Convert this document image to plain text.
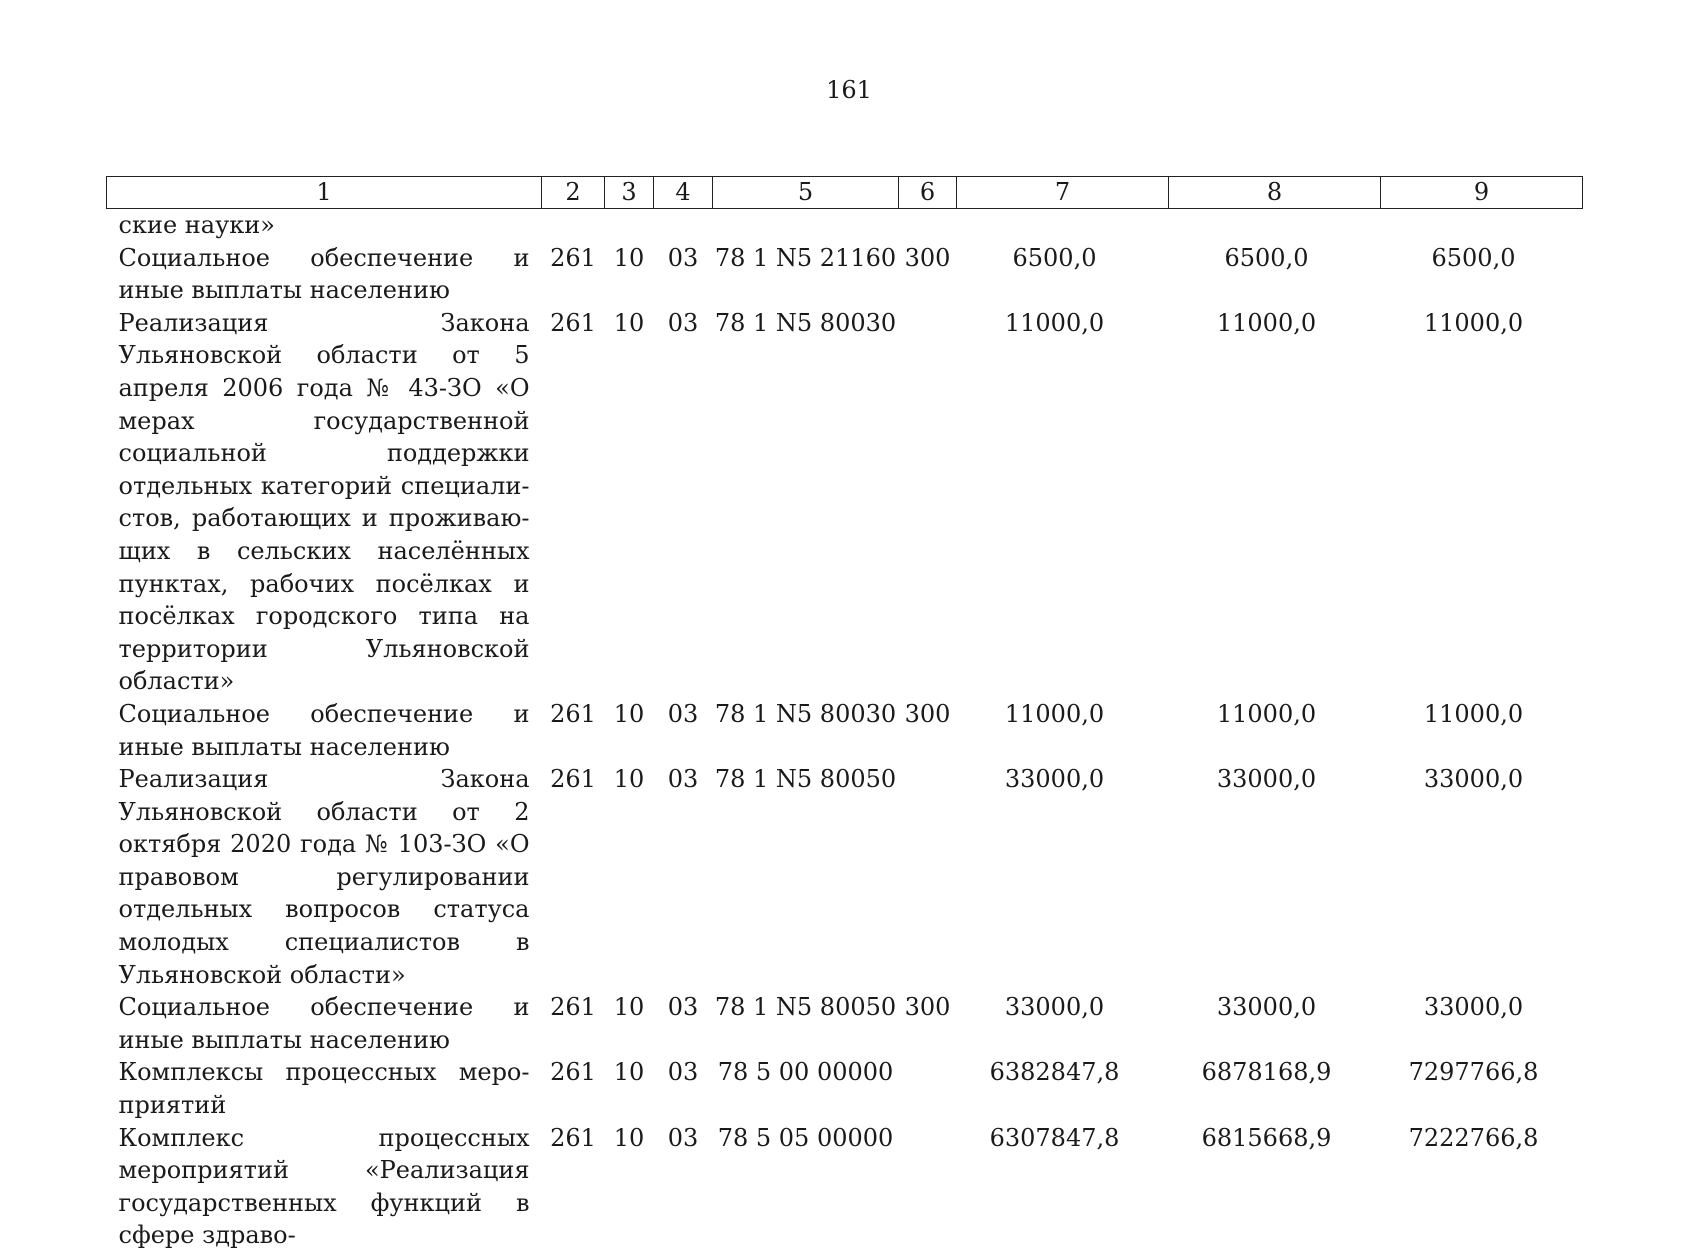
161
1	2	3	4	5	6	7	8	9
ские науки»								
Социальное обеспечение и иные выплаты населению	261	10	03	78 1 N5 21160	300	6500,0	6500,0	6500,0
Реализация Закона Ульяновской области от 5 апреля 2006 года № 43-ЗО «О мерах государственной социальной поддержки отдельных категорий специалистов, работающих и проживающих в сельских населённых пунктах, рабочих посёлках и посёлках городского типа на территории Ульяновской области»	261	10	03	78 1 N5 80030		11000,0	11000,0	11000,0
Социальное обеспечение и иные выплаты населению	261	10	03	78 1 N5 80030	300	11000,0	11000,0	11000,0
Реализация Закона Ульяновской области от 2 октября 2020 года № 103-ЗО «О правовом регулировании отдельных вопросов статуса молодых специалистов в Ульяновской области»	261	10	03	78 1 N5 80050		33000,0	33000,0	33000,0
Социальное обеспечение и иные выплаты населению	261	10	03	78 1 N5 80050	300	33000,0	33000,0	33000,0
Комплексы процессных мероприятий	261	10	03	78 5 00 00000		6382847,8	6878168,9	7297766,8
Комплекс процессных мероприятий «Реализация государственных функций в сфере здраво-	261	10	03	78 5 05 00000		6307847,8	6815668,9	7222766,8
